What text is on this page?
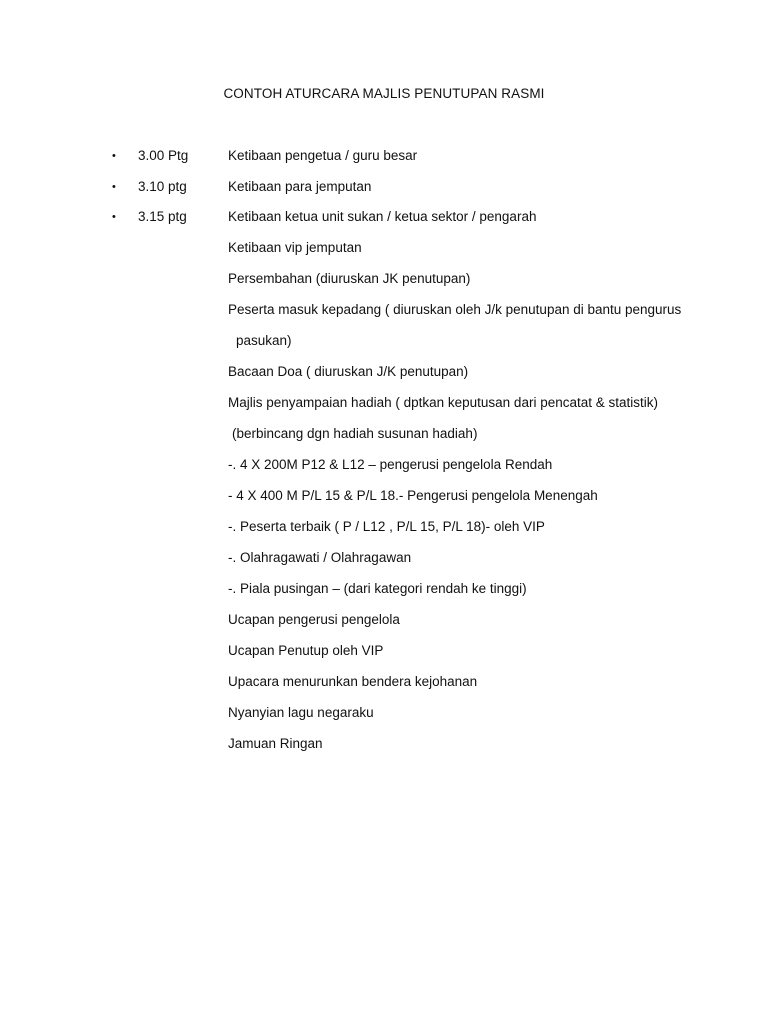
CONTOH ATURCARA MAJLIS PENUTUPAN RASMI
• 3.00 Ptg	Ketibaan pengetua / guru besar
• 3.10 ptg	Ketibaan para jemputan
• 3.15 ptg	Ketibaan ketua unit sukan / ketua sektor / pengarah
Ketibaan vip jemputan
Persembahan (diuruskan JK penutupan)
Peserta masuk kepadang ( diuruskan oleh J/k penutupan di bantu pengurus
pasukan)
Bacaan Doa ( diuruskan J/K penutupan)
Majlis penyampaian hadiah ( dptkan keputusan dari pencatat & statistik)
(berbincang dgn hadiah susunan hadiah)
-. 4 X 200M P12 & L12 – pengerusi pengelola Rendah
- 4 X 400 M P/L 15 & P/L 18.- Pengerusi pengelola Menengah
-. Peserta terbaik ( P / L12 , P/L 15, P/L 18)- oleh VIP
-. Olahragawati / Olahragawan
-. Piala pusingan – (dari kategori rendah ke tinggi)
Ucapan pengerusi pengelola
Ucapan Penutup oleh VIP
Upacara menurunkan bendera kejohanan
Nyanyian lagu negaraku
Jamuan Ringan
